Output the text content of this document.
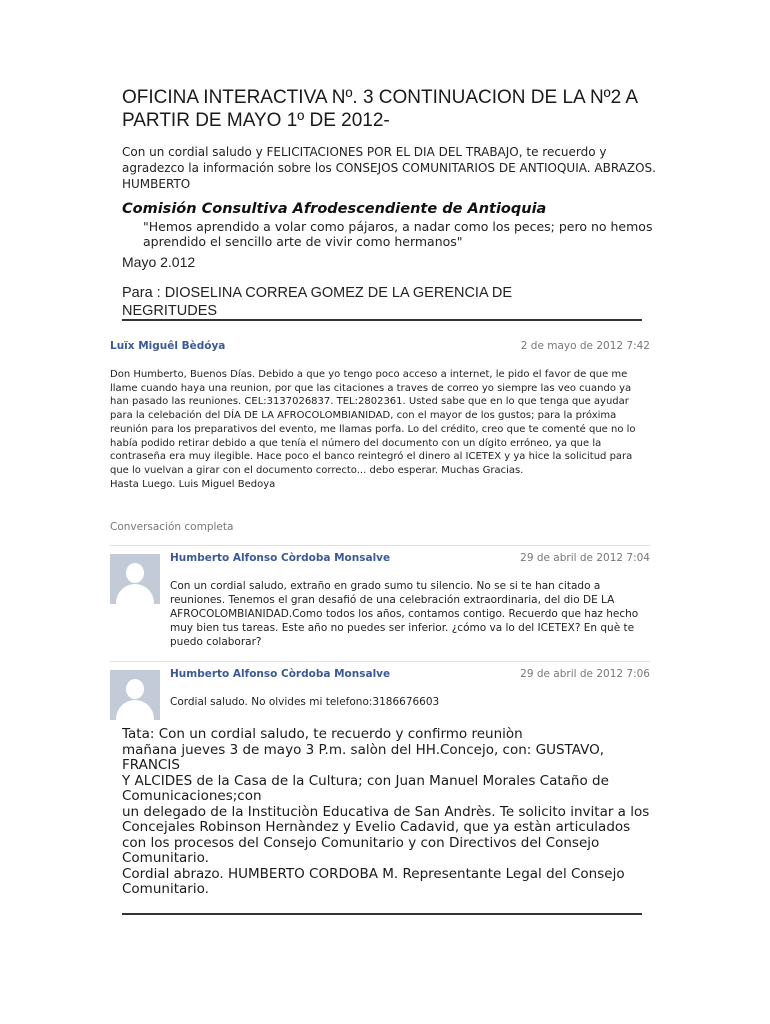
OFICINA INTERACTIVA Nº. 3 CONTINUACION DE LA Nº2 A PARTIR DE MAYO 1º DE 2012-
Con un cordial saludo y FELICITACIONES POR EL DIA DEL TRABAJO, te recuerdo y agradezco la información sobre los CONSEJOS COMUNITARIOS DE ANTIOQUIA. ABRAZOS. HUMBERTO
Comisión Consultiva Afrodescendiente de Antioquia
"Hemos aprendido a volar como pájaros, a nadar como los peces; pero no hemos aprendido el sencillo arte de vivir como hermanos"
Mayo 2.012
Para : DIOSELINA CORREA GOMEZ DE LA GERENCIA DE NEGRITUDES
Luïx Miguêl Bèdóya	2 de mayo de 2012 7:42

Don Humberto, Buenos Días. Debido a que yo tengo poco acceso a internet, le pido el favor de que me llame cuando haya una reunion, por que las citaciones a traves de correo yo siempre las veo cuando ya han pasado las reuniones. CEL:3137026837. TEL:2802361. Usted sabe que en lo que tenga que ayudar para la celebación del DÍA DE LA AFROCOLOMBIANIDAD, con el mayor de los gustos; para la próxima reunión para los preparativos del evento, me llamas porfa. Lo del crédito, creo que te comenté que no lo había podido retirar debido a que tenía el número del documento con un dígito erróneo, ya que la contraseña era muy ilegible. Hace poco el banco reintegró el dinero al ICETEX y ya hice la solicitud para que lo vuelvan a girar con el documento correcto... debo esperar. Muchas Gracias.

Hasta Luego. Luis Miguel Bedoya

Conversación completa
Humberto Alfonso Còrdoba Monsalve	29 de abril de 2012 7:04
Con un cordial saludo, extraño en grado sumo tu silencio. No se si te han citado a reuniones. Tenemos el gran desafió de una celebración extraordinaria, del dio DE LA AFROCOLOMBIANIDAD.Como todos los años, contamos contigo. Recuerdo que haz hecho muy bien tus tareas. Este año no puedes ser inferior. ¿cómo va lo del ICETEX? En què te puedo colaborar?
Humberto Alfonso Còrdoba Monsalve	29 de abril de 2012 7:06
Cordial saludo. No olvides mi telefono:3186676603

Tata: Con un cordial saludo, te recuerdo y confirmo reuniòn

mañana jueves 3 de mayo 3 P.m. salòn del HH.Concejo, con: GUSTAVO, FRANCIS

Y ALCIDES de la Casa de la Cultura; con Juan Manuel Morales Cataño de Comunicaciones;con

un delegado de la Instituciòn Educativa de San Andrès. Te solicito invitar a los Concejales Robinson Hernàndez y Evelio Cadavid, que ya estàn articulados

con los procesos del Consejo Comunitario y con Directivos del Consejo Comunitario.

Cordial abrazo. HUMBERTO CORDOBA M. Representante Legal del Consejo Comunitario.
